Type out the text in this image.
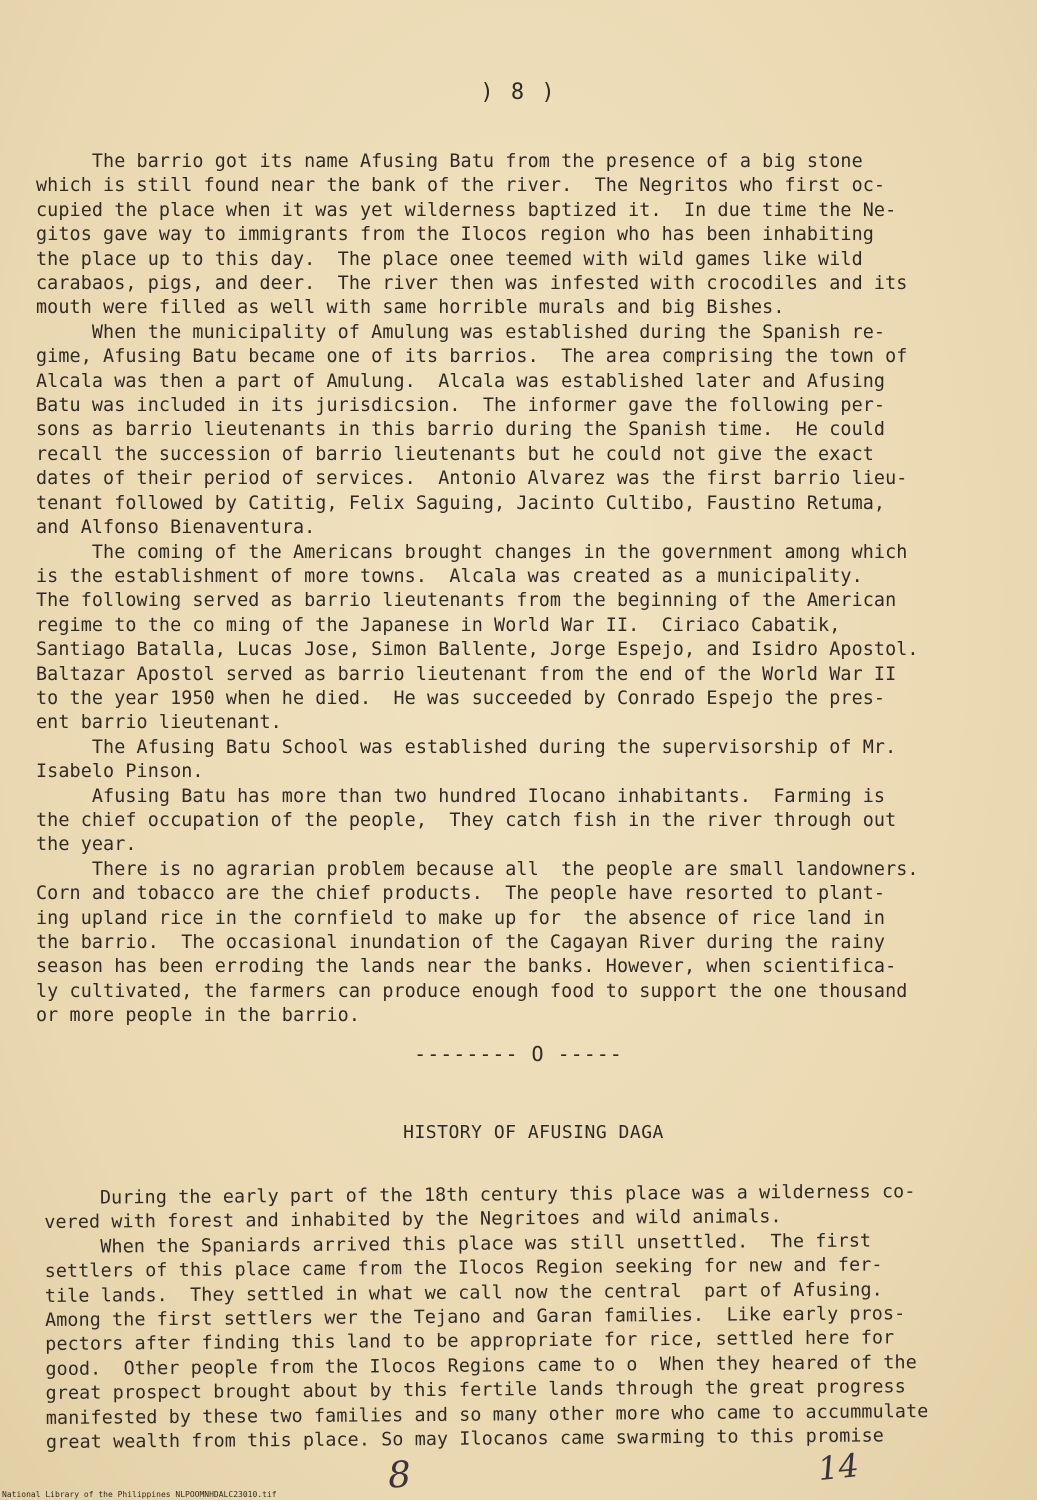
) 8 )
The barrio got its name Afusing Batu from the presence of a big stone
which is still found near the bank of the river.  The Negritos who first oc-
cupied the place when it was yet wilderness baptized it.  In due time the Ne-
gitos gave way to immigrants from the Ilocos region who has been inhabiting
the place up to this day.  The place onee teemed with wild games like wild
carabaos, pigs, and deer.  The river then was infested with crocodiles and its
mouth were filled as well with same horrible murals and big Bishes.
When the municipality of Amulung was established during the Spanish re-
gime, Afusing Batu became one of its barrios.  The area comprising the town of
Alcala was then a part of Amulung.  Alcala was established later and Afusing
Batu was included in its jurisdicsion.  The informer gave the following per-
sons as barrio lieutenants in this barrio during the Spanish time.  He could
recall the succession of barrio lieutenants but he could not give the exact
dates of their period of services.  Antonio Alvarez was the first barrio lieu-
tenant followed by Catitig, Felix Saguing, Jacinto Cultibo, Faustino Retuma,
and Alfonso Bienaventura.
The coming of the Americans brought changes in the government among which
is the establishment of more towns.  Alcala was created as a municipality.
The following served as barrio lieutenants from the beginning of the American
regime to the co ming of the Japanese in World War II.  Ciriaco Cabatik,
Santiago Batalla, Lucas Jose, Simon Ballente, Jorge Espejo, and Isidro Apostol.
Baltazar Apostol served as barrio lieutenant from the end of the World War II
to the year 1950 when he died.  He was succeeded by Conrado Espejo the pres-
ent barrio lieutenant.
The Afusing Batu School was established during the supervisorship of Mr.
Isabelo Pinson.
Afusing Batu has more than two hundred Ilocano inhabitants.  Farming is
the chief occupation of the people,  They catch fish in the river through out
the year.
There is no agrarian problem because all  the people are small landowners.
Corn and tobacco are the chief products.  The people have resorted to plant-
ing upland rice in the cornfield to make up for  the absence of rice land in
the barrio.  The occasional inundation of the Cagayan River during the rainy
season has been erroding the lands near the banks. However, when scientifica-
ly cultivated, the farmers can produce enough food to support the one thousand
or more people in the barrio.
-------- O -----
HISTORY OF AFUSING DAGA
During the early part of the 18th century this place was a wilderness co-
vered with forest and inhabited by the Negritoes and wild animals.
When the Spaniards arrived this place was still unsettled.  The first
settlers of this place came from the Ilocos Region seeking for new and fer-
tile lands.  They settled in what we call now the central  part of Afusing.
Among the first settlers wer the Tejano and Garan families.  Like early pros-
pectors after finding this land to be appropriate for rice, settled here for
good.  Other people from the Ilocos Regions came to o  When they heared of the
great prospect brought about by this fertile lands through the great progress
manifested by these two families and so many other more who came to accummulate
great wealth from this place. So may Ilocanos came swarming to this promise
8	14
National Library of the Philippines NLPOOMNHDALC23010.tif
